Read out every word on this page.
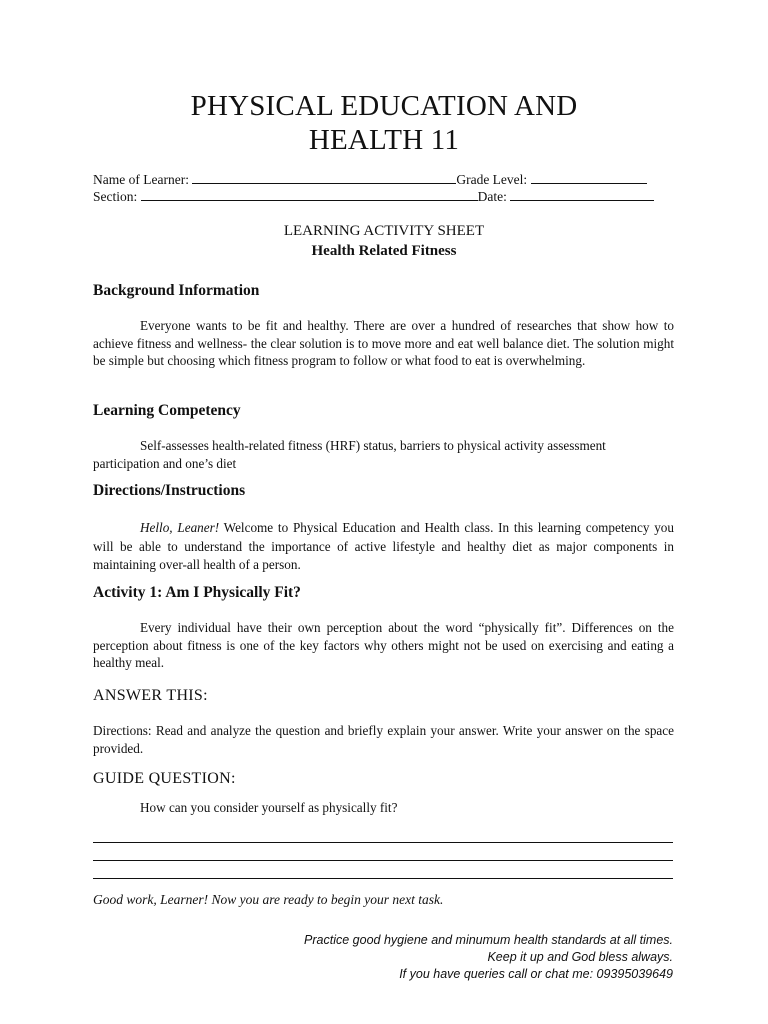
PHYSICAL EDUCATION AND
HEALTH 11
Name of Learner:	Grade Level:
Section:	Date:
LEARNING ACTIVITY SHEET
Health Related Fitness
Background Information
Everyone wants to be fit and healthy. There are over a hundred of researches that show how to achieve fitness and wellness- the clear solution is to move more and eat well balance diet. The solution might be simple but choosing which fitness program to follow or what food to eat is overwhelming.
Learning Competency
Self-assesses health-related fitness (HRF) status, barriers to physical activity assessment participation and one’s diet
Directions/Instructions
Hello, Leaner! Welcome to Physical Education and Health class. In this learning competency you will be able to understand the importance of active lifestyle and healthy diet as major components in maintaining over-all health of a person.
Activity 1: Am I Physically Fit?
Every individual have their own perception about the word “physically fit”. Differences on the perception about fitness is one of the key factors why others might not be used on exercising and eating a healthy meal.
ANSWER THIS:
Directions: Read and analyze the question and briefly explain your answer. Write your answer on the space provided.
GUIDE QUESTION:
How can you consider yourself as physically fit?
Good work, Learner! Now you are ready to begin your next task.
Practice good hygiene and minumum health standards at all times.
Keep it up and God bless always.
If you have queries call or chat me: 09395039649
